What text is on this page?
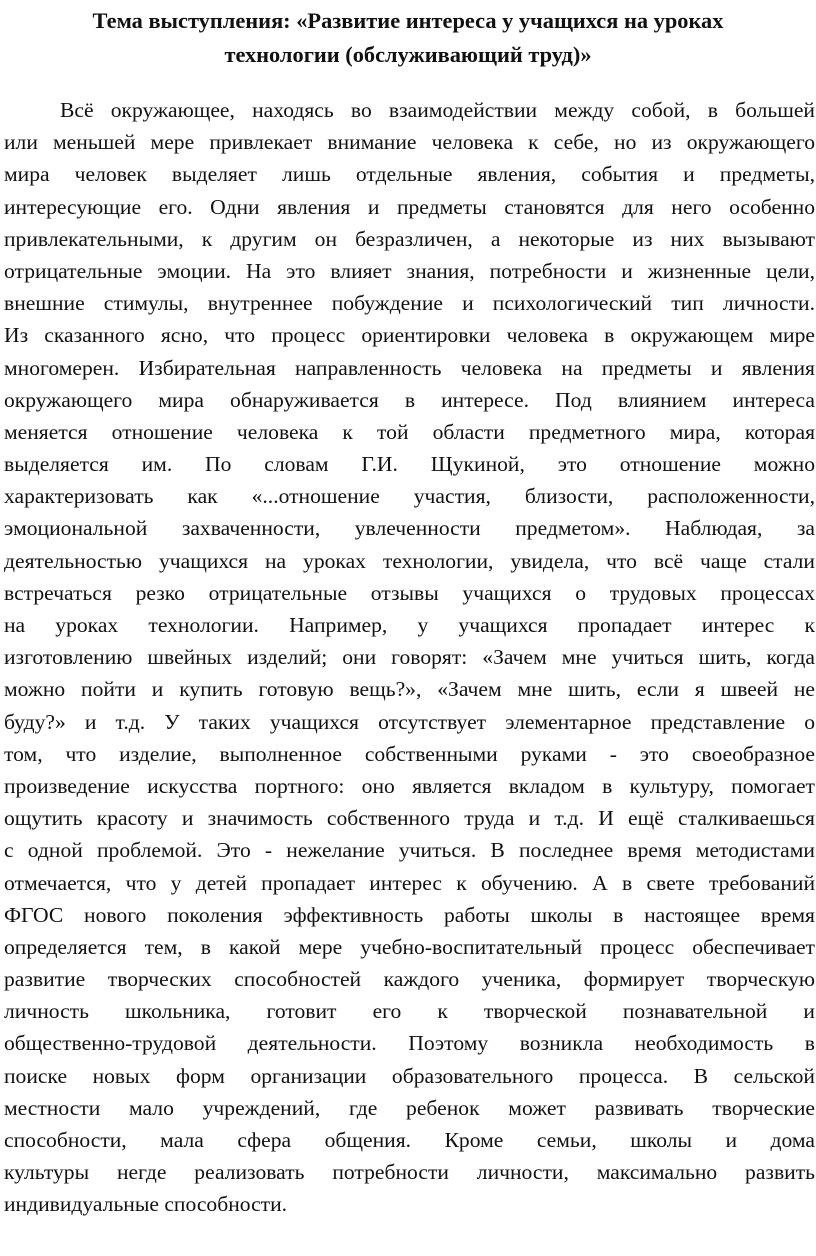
Тема выступления: «Развитие интереса у учащихся на уроках
технологии (обслуживающий труд)»
Всё окружающее, находясь во взаимодействии между собой, в большей
или меньшей мере привлекает внимание человека к себе, но из окружающего
мира человек выделяет лишь отдельные явления, события и предметы,
интересующие его. Одни явления и предметы становятся для него особенно
привлекательными, к другим он безразличен, а некоторые из них вызывают
отрицательные эмоции. На это влияет знания, потребности и жизненные цели,
внешние стимулы, внутреннее побуждение и психологический тип личности.
Из сказанного ясно, что процесс ориентировки человека в окружающем мире
многомерен. Избирательная направленность человека на предметы и явления
окружающего мира обнаруживается в интересе. Под влиянием интереса
меняется отношение человека к той области предметного мира, которая
выделяется им. По словам Г.И. Щукиной, это отношение можно
характеризовать как «...отношение участия, близости, расположенности,
эмоциональной захваченности, увлеченности предметом». Наблюдая, за
деятельностью учащихся на уроках технологии, увидела, что всё чаще стали
встречаться резко отрицательные отзывы учащихся о трудовых процессах
на уроках технологии. Например, у учащихся пропадает интерес к
изготовлению швейных изделий; они говорят: «Зачем мне учиться шить, когда
можно пойти и купить готовую вещь?», «Зачем мне шить, если я швеей не
буду?» и т.д. У таких учащихся отсутствует элементарное представление о
том, что изделие, выполненное собственными руками - это своеобразное
произведение искусства портного: оно является вкладом в культуру, помогает
ощутить красоту и значимость собственного труда и т.д. И ещё сталкиваешься
с одной проблемой. Это - нежелание учиться. В последнее время методистами
отмечается, что у детей пропадает интерес к обучению. А в свете требований
ФГОС нового поколения эффективность работы школы в настоящее время
определяется тем, в какой мере учебно-воспитательный процесс обеспечивает
развитие творческих способностей каждого ученика, формирует творческую
личность школьника, готовит его к творческой познавательной и
общественно-трудовой деятельности. Поэтому возникла необходимость в
поиске новых форм организации образовательного процесса. В сельской
местности мало учреждений, где ребенок может развивать творческие
способности, мала сфера общения. Кроме семьи, школы и дома
культуры негде реализовать потребности личности, максимально развить
индивидуальные способности.
